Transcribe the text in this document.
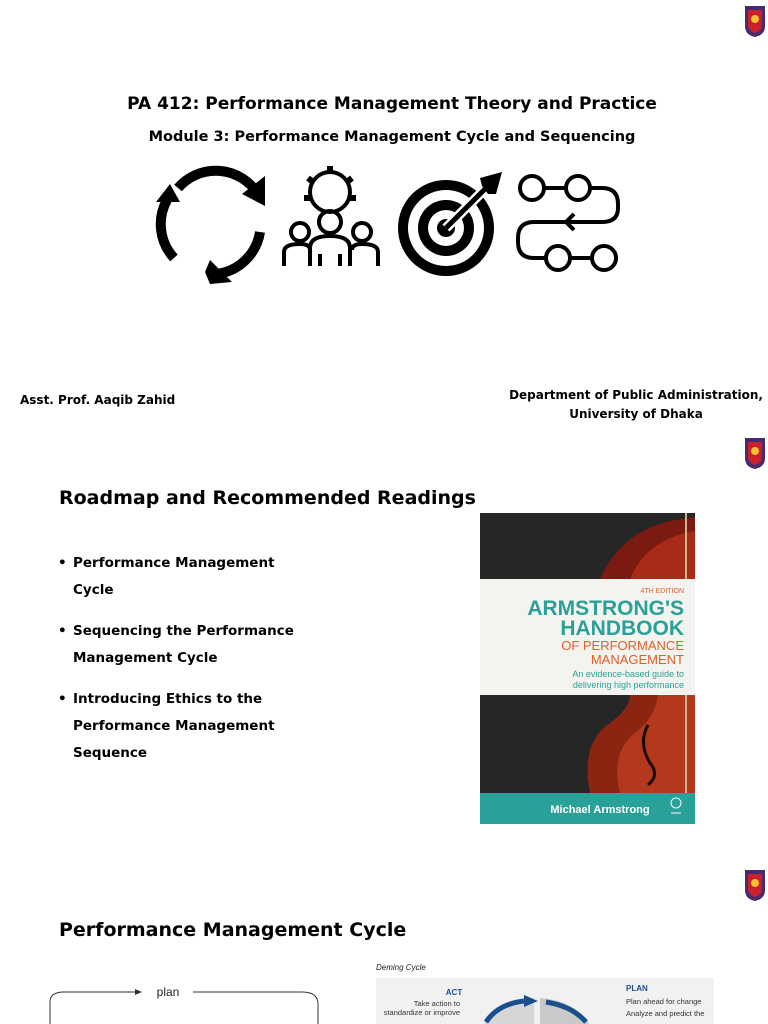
PA 412: Performance Management Theory and Practice
Module 3: Performance Management Cycle and Sequencing
Asst. Prof. Aaqib Zahid	Department of Public Administration,
University of Dhaka
Roadmap and Recommended Readings
• Performance Management Cycle
• Sequencing the Performance Management Cycle
• Introducing Ethics to the Performance Management Sequence
4TH EDITION
ARMSTRONG'S
HANDBOOK
OF PERFORMANCE
MANAGEMENT
An evidence-based guide to
delivering high performance
Michael Armstrong
Performance Management Cycle
plan
Deming Cycle
ACT
Take action to
standardize or improve
PLAN
Plan ahead for change
Analyze and predict the
